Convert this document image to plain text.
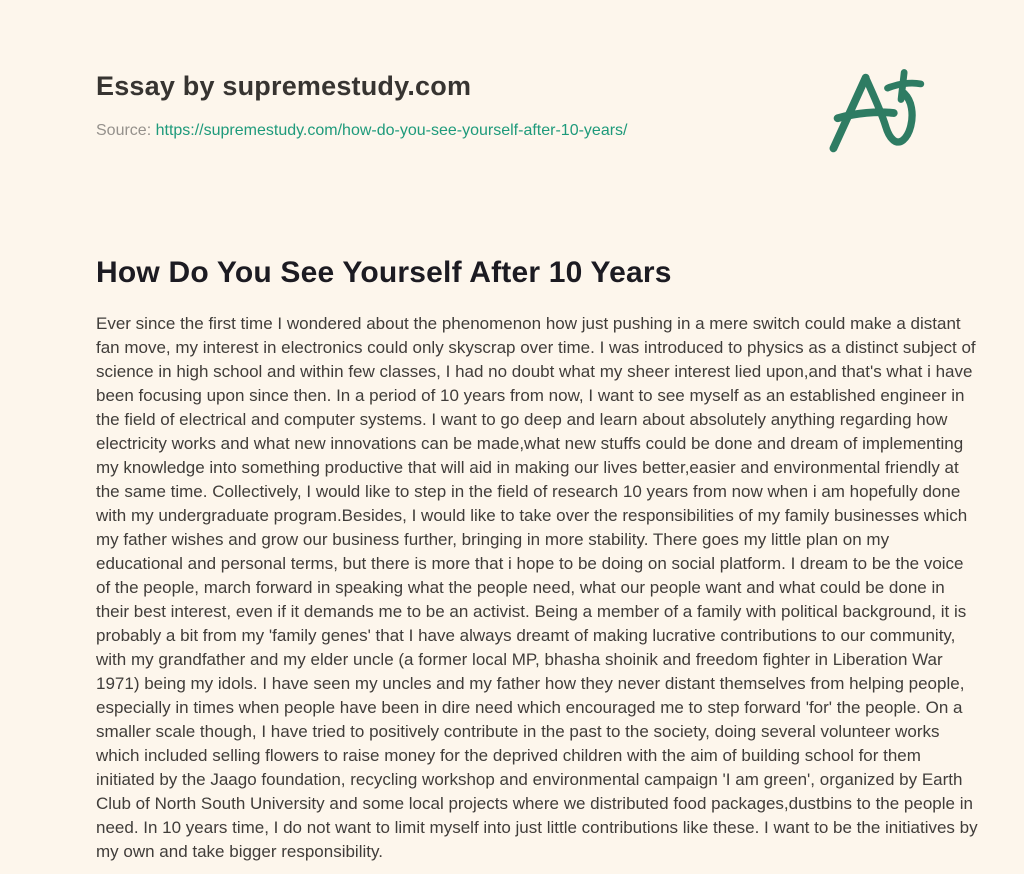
Essay by supremestudy.com
Source: https://supremestudy.com/how-do-you-see-yourself-after-10-years/
How Do You See Yourself After 10 Years
Ever since the first time I wondered about the phenomenon how just pushing in a mere switch could make a distant
fan move, my interest in electronics could only skyscrap over time. I was introduced to physics as a distinct subject of
science in high school and within few classes, I had no doubt what my sheer interest lied upon,and that's what i have
been focusing upon since then. In a period of 10 years from now, I want to see myself as an established engineer in
the field of electrical and computer systems. I want to go deep and learn about absolutely anything regarding how
electricity works and what new innovations can be made,what new stuffs could be done and dream of implementing
my knowledge into something productive that will aid in making our lives better,easier and environmental friendly at
the same time. Collectively, I would like to step in the field of research 10 years from now when i am hopefully done
with my undergraduate program.Besides, I would like to take over the responsibilities of my family businesses which
my father wishes and grow our business further, bringing in more stability. There goes my little plan on my
educational and personal terms, but there is more that i hope to be doing on social platform. I dream to be the voice
of the people, march forward in speaking what the people need, what our people want and what could be done in
their best interest, even if it demands me to be an activist. Being a member of a family with political background, it is
probably a bit from my 'family genes' that I have always dreamt of making lucrative contributions to our community,
with my grandfather and my elder uncle (a former local MP, bhasha shoinik and freedom fighter in Liberation War
1971) being my idols. I have seen my uncles and my father how they never distant themselves from helping people,
especially in times when people have been in dire need which encouraged me to step forward 'for' the people. On a
smaller scale though, I have tried to positively contribute in the past to the society, doing several volunteer works
which included selling flowers to raise money for the deprived children with the aim of building school for them
initiated by the Jaago foundation, recycling workshop and environmental campaign 'I am green', organized by Earth
Club of North South University and some local projects where we distributed food packages,dustbins to the people in
need. In 10 years time, I do not want to limit myself into just little contributions like these. I want to be the initiatives by
my own and take bigger responsibility.
